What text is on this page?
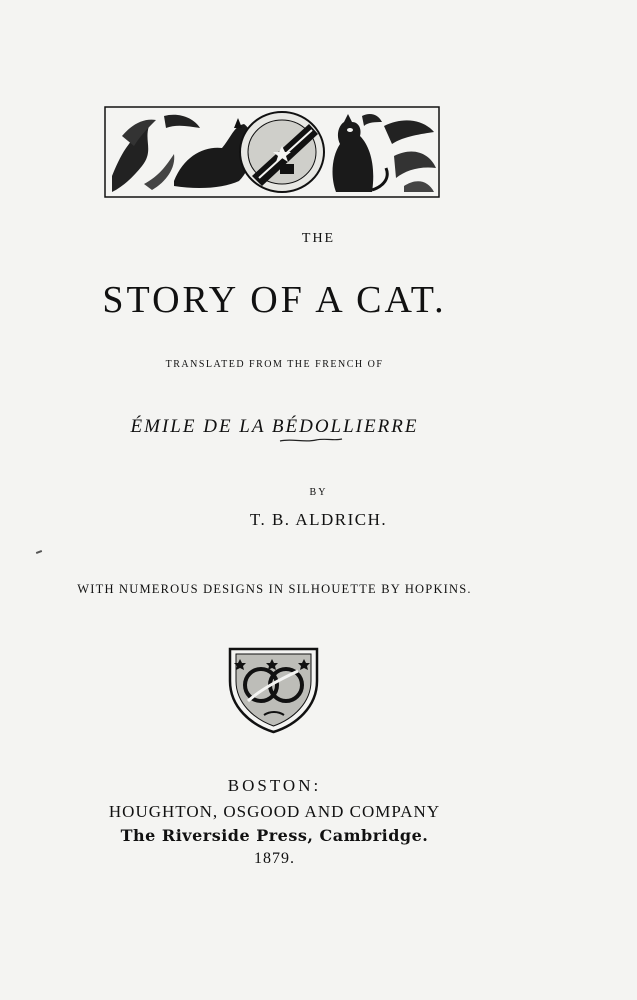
THE
STORY OF A CAT.
TRANSLATED FROM THE FRENCH OF
ÉMILE DE LA BÉDOLLIERRE
BY
T. B. ALDRICH.
WITH NUMEROUS DESIGNS IN SILHOUETTE BY HOPKINS.
BOSTON:
HOUGHTON, OSGOOD AND COMPANY
The Riverside Press, Cambridge.
1879.
